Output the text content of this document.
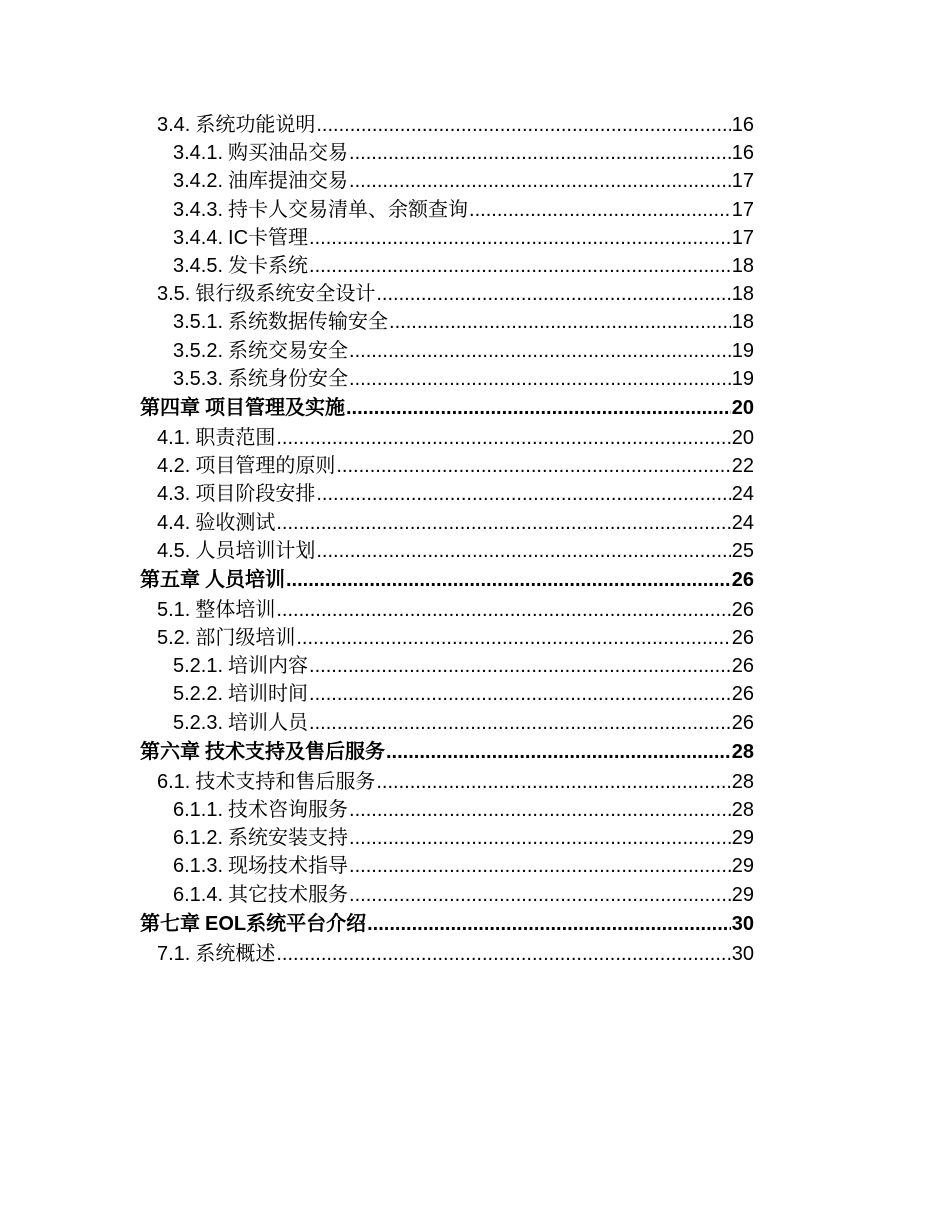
3.4. 系统功能说明 .....	16
3.4.1. 购买油品交易 .....	16
3.4.2. 油库提油交易 .....	17
3.4.3. 持卡人交易清单、余额查询 .....	17
3.4.4. IC卡管理 .....	17
3.4.5. 发卡系统 .....	18
3.5. 银行级系统安全设计 .....	18
3.5.1. 系统数据传输安全 .....	18
3.5.2. 系统交易安全 .....	19
3.5.3. 系统身份安全 .....	19
第四章 项目管理及实施 .....	20
4.1. 职责范围 .....	20
4.2. 项目管理的原则 .....	22
4.3. 项目阶段安排 .....	24
4.4. 验收测试 .....	24
4.5. 人员培训计划 .....	25
第五章 人员培训 .....	26
5.1. 整体培训 .....	26
5.2. 部门级培训 .....	26
5.2.1. 培训内容 .....	26
5.2.2. 培训时间 .....	26
5.2.3. 培训人员 .....	26
第六章 技术支持及售后服务 .....	28
6.1. 技术支持和售后服务 .....	28
6.1.1. 技术咨询服务 .....	28
6.1.2. 系统安装支持 .....	29
6.1.3. 现场技术指导 .....	29
6.1.4. 其它技术服务 .....	29
第七章 EOL系统平台介绍 .....	30
7.1. 系统概述 .....	30
